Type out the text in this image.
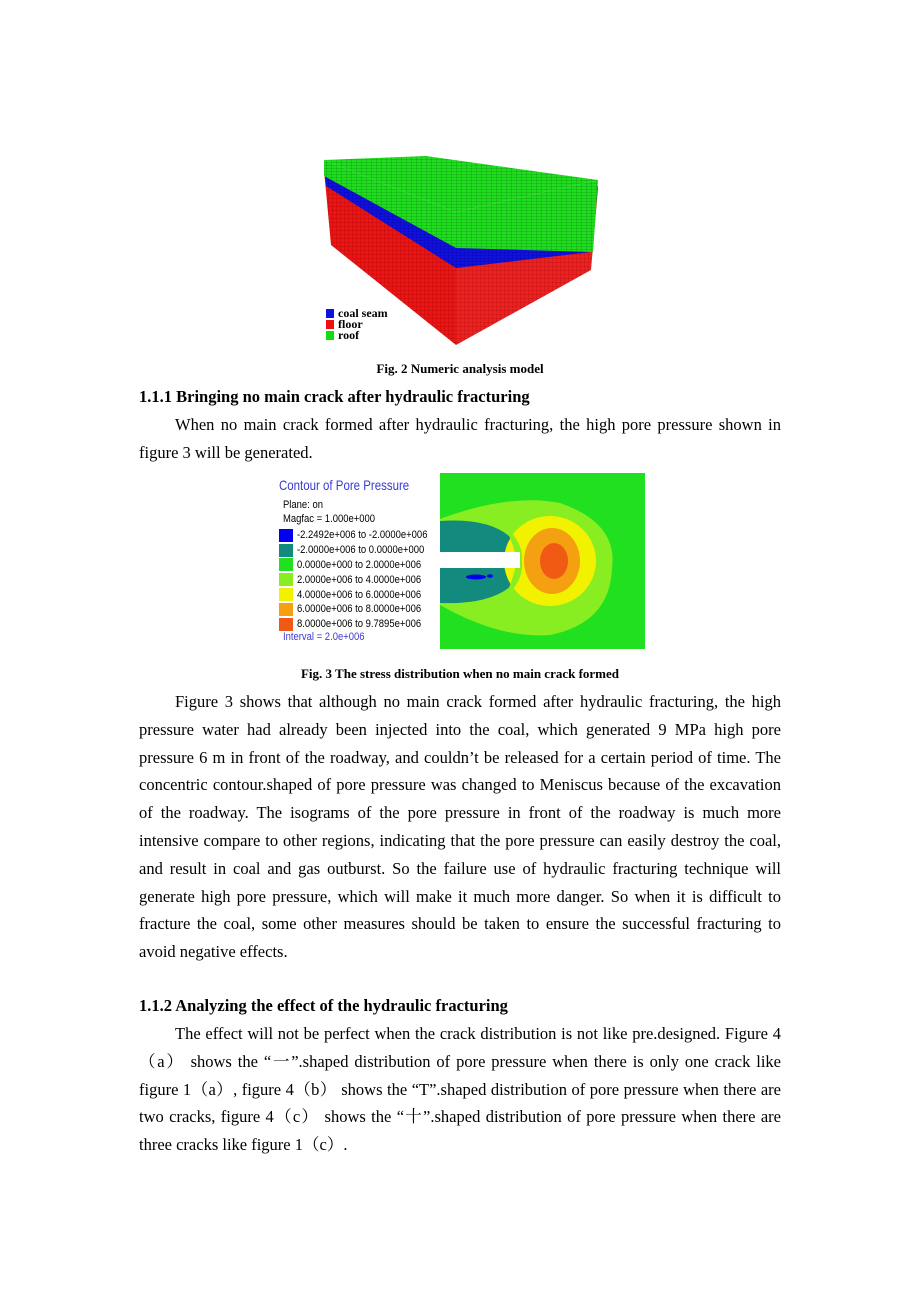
coal seam
floor
roof
Fig. 2 Numeric analysis model
1.1.1 Bringing no main crack after hydraulic fracturing

When no main crack formed after hydraulic fracturing, the high pore pressure shown in figure 3 will be generated.

Contour of Pore Pressure
Plane: on
Magfac = 1.000e+000
-2.2492e+006 to -2.0000e+006
-2.0000e+006 to 0.0000e+000
0.0000e+000 to 2.0000e+006
2.0000e+006 to 4.0000e+006
4.0000e+006 to 6.0000e+006
6.0000e+006 to 8.0000e+006
8.0000e+006 to 9.7895e+006
Interval = 2.0e+006
Fig. 3 The stress distribution when no main crack formed

Figure 3 shows that although no main crack formed after hydraulic fracturing, the high pressure water had already been injected into the coal, which generated 9 MPa high pore pressure 6 m in front of the roadway, and couldn’t be released for a certain period of time. The concentric contour.shaped of pore pressure was changed to Meniscus because of the excavation of the roadway. The isograms of the pore pressure in front of the roadway is much more intensive compare to other regions, indicating that the pore pressure can easily destroy the coal, and result in coal and gas outburst. So the failure use of hydraulic fracturing technique will generate high pore pressure, which will make it much more danger. So when it is difficult to fracture the coal, some other measures should be taken to ensure the successful fracturing to avoid negative effects.

1.1.2 Analyzing the effect of the hydraulic fracturing

The effect will not be perfect when the crack distribution is not like pre.designed. Figure 4（a） shows the “一”.shaped distribution of pore pressure when there is only one crack like figure 1（a）, figure 4（b） shows the “T”.shaped distribution of pore pressure when there are two cracks, figure 4（c） shows the “十”.shaped distribution of pore pressure when there are three cracks like figure 1（c）.
